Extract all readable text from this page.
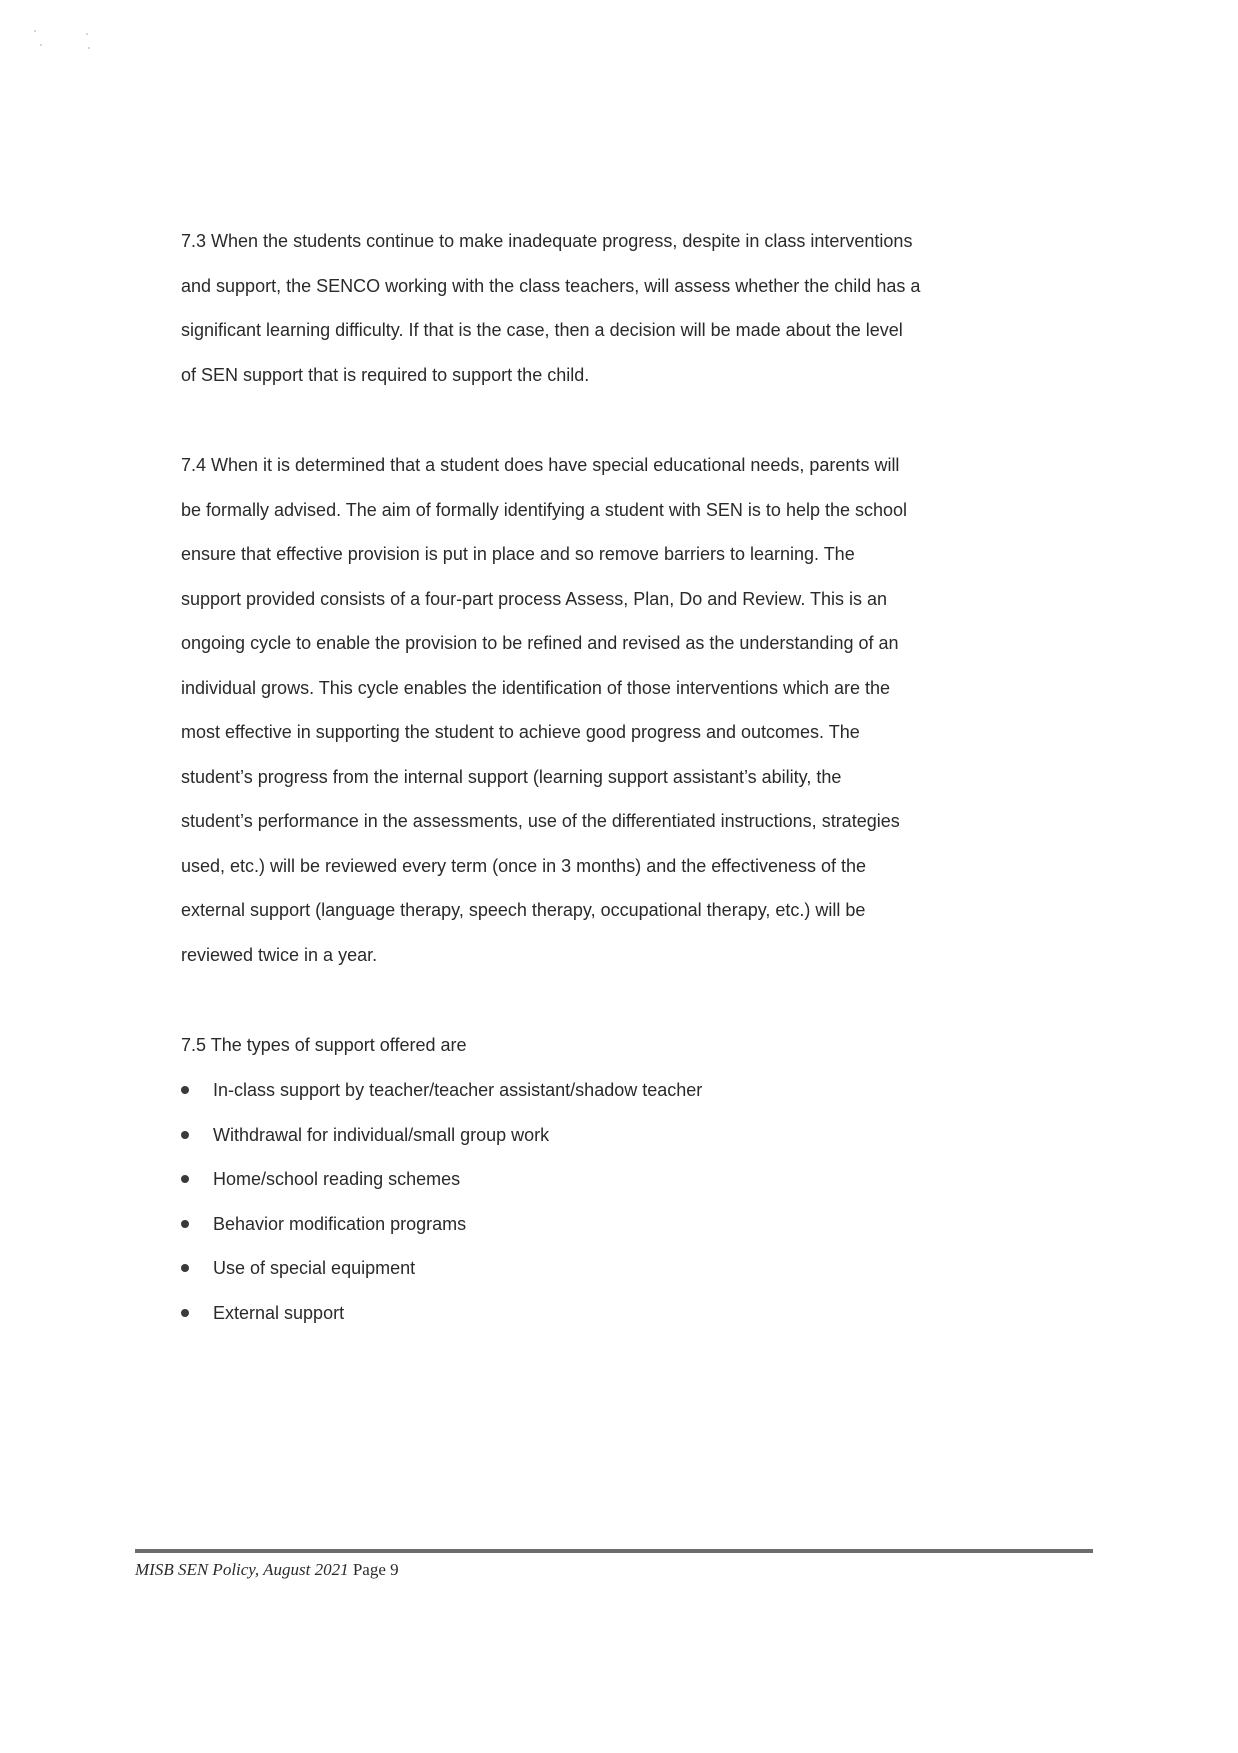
7.3 When the students continue to make inadequate progress, despite in class interventions
and support, the SENCO working with the class teachers, will assess whether the child has a
significant learning difficulty. If that is the case, then a decision will be made about the level
of SEN support that is required to support the child.
7.4 When it is determined that a student does have special educational needs, parents will
be formally advised. The aim of formally identifying a student with SEN is to help the school
ensure that effective provision is put in place and so remove barriers to learning. The
support provided consists of a four-part process Assess, Plan, Do and Review. This is an
ongoing cycle to enable the provision to be refined and revised as the understanding of an
individual grows. This cycle enables the identification of those interventions which are the
most effective in supporting the student to achieve good progress and outcomes. The
student’s progress from the internal support (learning support assistant’s ability, the
student’s performance in the assessments, use of the differentiated instructions, strategies
used, etc.) will be reviewed every term (once in 3 months) and the effectiveness of the
external support (language therapy, speech therapy, occupational therapy, etc.) will be
reviewed twice in a year.
7.5 The types of support offered are
In-class support by teacher/teacher assistant/shadow teacher
Withdrawal for individual/small group work
Home/school reading schemes
Behavior modification programs
Use of special equipment
External support
MISB SEN Policy, August 2021 Page 9
